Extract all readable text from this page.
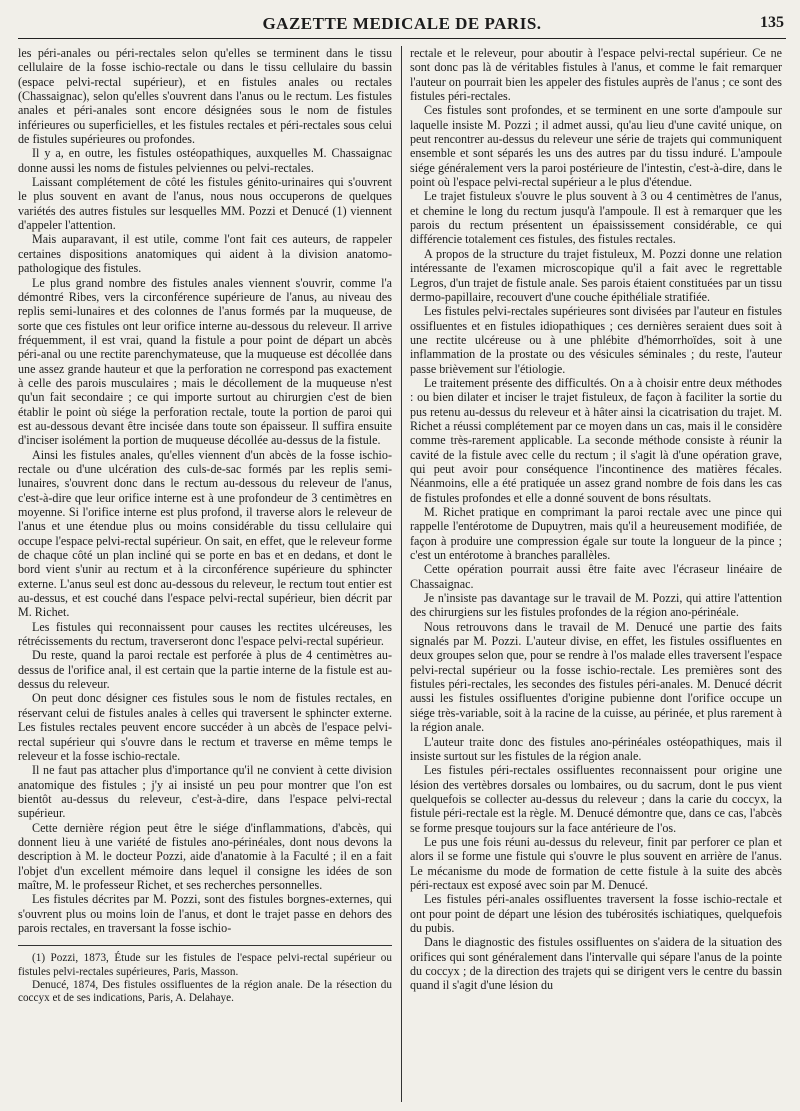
GAZETTE MEDICALE DE PARIS.	135

les péri-anales ou péri-rectales selon qu'elles se terminent dans le tissu cellulaire de la fosse ischio-rectale ou dans le tissu cellulaire du bassin (espace pelvi-rectal supérieur), et en fistules anales ou rectales (Chassaignac), selon qu'elles s'ouvrent dans l'anus ou le rectum. Les fistules anales et péri-anales sont encore désignées sous le nom de fistules inférieures ou superficielles, et les fistules rectales et péri-rectales sous celui de fistules supérieures ou profondes.

Il y a, en outre, les fistules ostéopathiques, auxquelles M. Chassaignac donne aussi les noms de fistules pelviennes ou pelvi-rectales.

Laissant complétement de côté les fistules génito-urinaires qui s'ouvrent le plus souvent en avant de l'anus, nous nous occuperons de quelques variétés des autres fistules sur lesquelles MM. Pozzi et Denucé (1) viennent d'appeler l'attention.

Mais auparavant, il est utile, comme l'ont fait ces auteurs, de rappeler certaines dispositions anatomiques qui aident à la division anatomo-pathologique des fistules.

Le plus grand nombre des fistules anales viennent s'ouvrir, comme l'a démontré Ribes, vers la circonférence supérieure de l'anus, au niveau des replis semi-lunaires et des colonnes de l'anus formés par la muqueuse, de sorte que ces fistules ont leur orifice interne au-dessous du releveur. Il arrive fréquemment, il est vrai, quand la fistule a pour point de départ un abcès péri-anal ou une rectite parenchymateuse, que la muqueuse est décollée dans une assez grande hauteur et que la perforation ne correspond pas exactement à celle des parois musculaires ; mais le décollement de la muqueuse n'est qu'un fait secondaire ; ce qui importe surtout au chirurgien c'est de bien établir le point où siége la perforation rectale, toute la portion de paroi qui est au-dessous devant être incisée dans toute son épaisseur. Il suffira ensuite d'inciser isolément la portion de muqueuse décollée au-dessus de la fistule.

Ainsi les fistules anales, qu'elles viennent d'un abcès de la fosse ischio-rectale ou d'une ulcération des culs-de-sac formés par les replis semi-lunaires, s'ouvrent donc dans le rectum au-dessous du releveur de l'anus, c'est-à-dire que leur orifice interne est à une profondeur de 3 centimètres en moyenne. Si l'orifice interne est plus profond, il traverse alors le releveur de l'anus et une étendue plus ou moins considérable du tissu cellulaire qui occupe l'espace pelvi-rectal supérieur. On sait, en effet, que le releveur forme de chaque côté un plan incliné qui se porte en bas et en dedans, et dont le bord vient s'unir au rectum et à la circonférence supérieure du sphincter externe. L'anus seul est donc au-dessous du releveur, le rectum tout entier est au-dessus, et est couché dans l'espace pelvi-rectal supérieur, bien décrit par M. Richet.

Les fistules qui reconnaissent pour causes les rectites ulcéreuses, les rétrécissements du rectum, traverseront donc l'espace pelvi-rectal supérieur.

Du reste, quand la paroi rectale est perforée à plus de 4 centimètres au-dessus de l'orifice anal, il est certain que la partie interne de la fistule est au-dessus du releveur.

On peut donc désigner ces fistules sous le nom de fistules rectales, en réservant celui de fistules anales à celles qui traversent le sphincter externe. Les fistules rectales peuvent encore succéder à un abcès de l'espace pelvi-rectal supérieur qui s'ouvre dans le rectum et traverse en même temps le releveur et la fosse ischio-rectale.

Il ne faut pas attacher plus d'importance qu'il ne convient à cette division anatomique des fistules ; j'y ai insisté un peu pour montrer que l'on est bientôt au-dessus du releveur, c'est-à-dire, dans l'espace pelvi-rectal supérieur.

Cette dernière région peut être le siége d'inflammations, d'abcès, qui donnent lieu à une variété de fistules ano-périnéales, dont nous devons la description à M. le docteur Pozzi, aide d'anatomie à la Faculté ; il en a fait l'objet d'un excellent mémoire dans lequel il consigne les idées de son maître, M. le professeur Richet, et ses recherches personnelles.

Les fistules décrites par M. Pozzi, sont des fistules borgnes-externes, qui s'ouvrent plus ou moins loin de l'anus, et dont le trajet passe en dehors des parois rectales, en traversant la fosse ischio-

(1) Pozzi, 1873, Étude sur les fistules de l'espace pelvi-rectal supérieur ou fistules pelvi-rectales supérieures, Paris, Masson.

Denucé, 1874, Des fistules ossifluentes de la région anale. De la résection du coccyx et de ses indications, Paris, A. Delahaye.

rectale et le releveur, pour aboutir à l'espace pelvi-rectal supérieur. Ce ne sont donc pas là de véritables fistules à l'anus, et comme le fait remarquer l'auteur on pourrait bien les appeler des fistules auprès de l'anus ; ce sont des fistules péri-rectales.

Ces fistules sont profondes, et se terminent en une sorte d'ampoule sur laquelle insiste M. Pozzi ; il admet aussi, qu'au lieu d'une cavité unique, on peut rencontrer au-dessus du releveur une série de trajets qui communiquent ensemble et sont séparés les uns des autres par du tissu induré. L'ampoule siége généralement vers la paroi postérieure de l'intestin, c'est-à-dire, dans le point où l'espace pelvi-rectal supérieur a le plus d'étendue.

Le trajet fistuleux s'ouvre le plus souvent à 3 ou 4 centimètres de l'anus, et chemine le long du rectum jusqu'à l'ampoule. Il est à remarquer que les parois du rectum présentent un épaississement considérable, ce qui différencie totalement ces fistules, des fistules rectales.

A propos de la structure du trajet fistuleux, M. Pozzi donne une relation intéressante de l'examen microscopique qu'il a fait avec le regrettable Legros, d'un trajet de fistule anale. Ses parois étaient constituées par un tissu dermo-papillaire, recouvert d'une couche épithéliale stratifiée.

Les fistules pelvi-rectales supérieures sont divisées par l'auteur en fistules ossifluentes et en fistules idiopathiques ; ces dernières seraient dues soit à une rectite ulcéreuse ou à une phlébite d'hémorrhoïdes, soit à une inflammation de la prostate ou des vésicules séminales ; du reste, l'auteur passe brièvement sur l'étiologie.

Le traitement présente des difficultés. On a à choisir entre deux méthodes : ou bien dilater et inciser le trajet fistuleux, de façon à faciliter la sortie du pus retenu au-dessus du releveur et à hâter ainsi la cicatrisation du trajet. M. Richet a réussi complétement par ce moyen dans un cas, mais il le considère comme très-rarement applicable. La seconde méthode consiste à réunir la cavité de la fistule avec celle du rectum ; il s'agit là d'une opération grave, qui peut avoir pour conséquence l'incontinence des matières fécales. Néanmoins, elle a été pratiquée un assez grand nombre de fois dans les cas de fistules profondes et elle a donné souvent de bons résultats.

M. Richet pratique en comprimant la paroi rectale avec une pince qui rappelle l'entérotome de Dupuytren, mais qu'il a heureusement modifiée, de façon à produire une compression égale sur toute la longueur de la pince ; c'est un entérotome à branches parallèles.

Cette opération pourrait aussi être faite avec l'écraseur linéaire de Chassaignac.

Je n'insiste pas davantage sur le travail de M. Pozzi, qui attire l'attention des chirurgiens sur les fistules profondes de la région ano-périnéale.

Nous retrouvons dans le travail de M. Denucé une partie des faits signalés par M. Pozzi. L'auteur divise, en effet, les fistules ossifluentes en deux groupes selon que, pour se rendre à l'os malade elles traversent l'espace pelvi-rectal supérieur ou la fosse ischio-rectale. Les premières sont des fistules péri-rectales, les secondes des fistules péri-anales. M. Denucé décrit aussi les fistules ossifluentes d'origine pubienne dont l'orifice occupe un siége très-variable, soit à la racine de la cuisse, au périnée, et plus rarement à la région anale.

L'auteur traite donc des fistules ano-périnéales ostéopathiques, mais il insiste surtout sur les fistules de la région anale.

Les fistules péri-rectales ossifluentes reconnaissent pour origine une lésion des vertèbres dorsales ou lombaires, ou du sacrum, dont le pus vient quelquefois se collecter au-dessus du releveur ; dans la carie du coccyx, la fistule péri-rectale est la règle. M. Denucé démontre que, dans ce cas, l'abcès se forme presque toujours sur la face antérieure de l'os.

Le pus une fois réuni au-dessus du releveur, finit par perforer ce plan et alors il se forme une fistule qui s'ouvre le plus souvent en arrière de l'anus. Le mécanisme du mode de formation de cette fistule à la suite des abcès péri-rectaux est exposé avec soin par M. Denucé.

Les fistules péri-anales ossifluentes traversent la fosse ischio-rectale et ont pour point de départ une lésion des tubérosités ischiatiques, quelquefois du pubis.

Dans le diagnostic des fistules ossifluentes on s'aidera de la situation des orifices qui sont généralement dans l'intervalle qui sépare l'anus de la pointe du coccyx ; de la direction des trajets qui se dirigent vers le centre du bassin quand il s'agit d'une lésion du
